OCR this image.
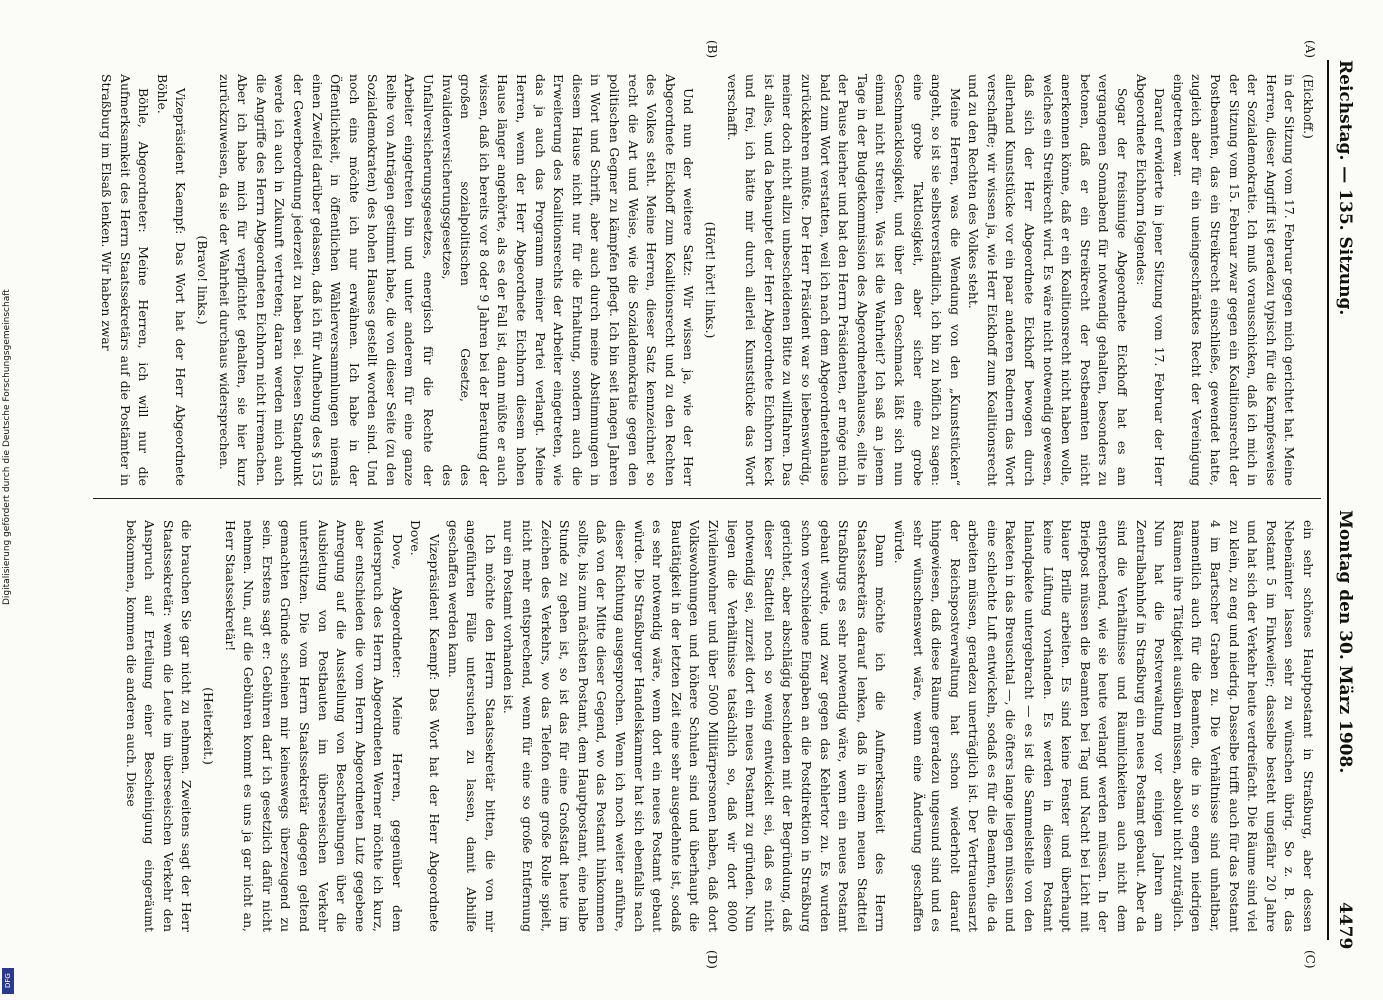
Reichstag. — 135. Sitzung.
Montag den 30. März 1908.
4479
(A)
(B)
(C)
(D)

(Eickhoff.)

in der Sitzung vom 17. Februar gegen mich gerichtet hat. Meine Herren, dieser Angriff ist geradezu typisch für die Kampfesweise der Sozialdemokratie. Ich muß vorausschicken, daß ich mich in der Sitzung vom 15. Februar zwar gegen ein Koalitionsrecht der Postbeamten, das ein Streikrecht einschließe, gewendet hatte, zugleich aber für ein uneingeschränktes Recht der Vereinigung eingetreten war.

Darauf erwiderte in jener Sitzung vom 17. Februar der Herr Abgeordnete Eichhorn folgendes:

Sogar der freisinnige Abgeordnete Eickhoff hat es am vergangenen Sonnabend für notwendig gehalten, besonders zu betonen, daß er ein Streikrecht der Postbeamten nicht anerkennen könne, daß er ein Koalitionsrecht nicht haben wolle, welches ein Streikrecht wird. Es wäre nicht notwendig gewesen, daß sich der Herr Abgeordnete Eickhoff bewogen durch allerhand Kunststücke vor ein paar anderen Rednern das Wort verschaffte; wir wissen ja, wie Herr Eickhoff zum Koalitionsrecht und zu den Rechten des Volkes steht.

Meine Herren, was die Wendung von den „Kunststücken“ angeht, so ist sie selbstverständlich, ich bin zu höflich zu sagen: eine grobe Taktlosigkeit, aber sicher eine grobe Geschmacklosigkeit, und über den Geschmack läßt sich nun einmal nicht streiten. Was ist die Wahrheit? Ich saß an jenem Tage in der Budgetkommission des Abgeordnetenhauses, eilte in der Pause hierher und bat den Herrn Präsidenten, er möge mich bald zum Wort verstatten, weil ich nach dem Abgeordnetenhause zurückkehren müßte. Der Herr Präsident war so liebenswürdig, meiner doch nicht allzu unbescheidenen Bitte zu willfahren. Das ist alles, und da behauptet der Herr Abgeordnete Eichhorn keck und frei, ich hätte mir durch allerlei Kunststücke das Wort verschafft.

(Hört! hört! links.)

Und nun der weitere Satz: Wir wissen ja, wie der Herr Abgeordnete Eickhoff zum Koalitionsrecht und zu den Rechten des Volkes steht. Meine Herren, dieser Satz kennzeichnet so recht die Art und Weise, wie die Sozialdemokratie gegen den politischen Gegner zu kämpfen pflegt. Ich bin seit langen Jahren in Wort und Schrift, aber auch durch meine Abstimmungen in diesem Hause nicht nur für die Erhaltung, sondern auch die Erweiterung des Koalitionsrechts der Arbeiter eingetreten, wie das ja auch das Programm meiner Partei verlangt. Meine Herren, wenn der Herr Abgeordnete Eichhorn diesem hohen Hause länger angehörte, als es der Fall ist, dann müßte er auch wissen, daß ich bereits vor 8 oder 9 Jahren bei der Beratung der großen sozialpolitischen Gesetze, des Invalidenversicherungsgesetzes, des Unfallversicherungsgesetzes, energisch für die Rechte der Arbeiter eingetreten bin und unter anderem für eine ganze Reihe von Anträgen gestimmt habe, die von dieser Seite (zu den Sozialdemokraten) des hohen Hauses gestellt worden sind. Und noch eins möchte ich nur erwähnen. Ich habe in der Öffentlichkeit, in öffentlichen Wählerversammlungen niemals einen Zweifel darüber gelassen, daß ich für Aufhebung des § 153 der Gewerbeordnung jederzeit zu haben sei. Diesen Standpunkt werde ich auch in Zukunft vertreten; daran werden mich auch die Angriffe des Herrn Abgeordneten Eichhorn nicht irremachen. Aber ich habe mich für verpflichtet gehalten, sie hier kurz zurückzuweisen, da sie der Wahrheit durchaus widersprechen.

(Bravo! links.)

Vizepräsident Kaempf: Das Wort hat der Herr Abgeordnete Böhle.

Böhle, Abgeordneter: Meine Herren, ich will nur die Aufmerksamkeit des Herrn Staatssekretärs auf die Postämter in Straßburg im Elsaß lenken. Wir haben zwar

ein sehr schönes Hauptpostamt in Straßburg, aber dessen Nebenämter lassen sehr zu wünschen übrig. So z. B. das Postamt 5 im Finkweiler; dasselbe besteht ungefähr 20 Jahre und hat sich der Verkehr heute verdreifacht. Die Räume sind viel zu klein, zu eng und niedrig. Dasselbe trifft auch für das Postamt 4 im Bartscher Graben zu. Die Verhältnisse sind unhaltbar, namentlich auch für die Beamten, die in so engen niedrigen Räumen ihre Tätigkeit ausüben müssen, absolut nicht zuträglich. Nun hat die Postverwaltung vor einigen Jahren am Zentralbahnhof in Straßburg ein neues Postamt gebaut. Aber da sind die Verhältnisse und Räumlichkeiten auch nicht dem entsprechend, wie sie heute verlangt werden müssen. In der Briefpost müssen die Beamten bei Tag und Nacht bei Licht mit blauer Brille arbeiten. Es sind keine Fenster und überhaupt keine Lüftung vorhanden. Es werden in diesem Postamt Inlandpakete untergebracht — es ist die Sammelstelle von den Paketen in das Breuschtal —, die öfters lange liegen müssen und eine schlechte Luft entwickeln, sodaß es für die Beamten, die da arbeiten müssen, geradezu unerträglich ist. Der Vertrauensarzt der Reichspostverwaltung hat schon wiederholt darauf hingewiesen, daß diese Räume geradezu ungesund sind und es sehr wünschenswert wäre, wenn eine Änderung geschaffen würde.

Dann möchte ich die Aufmerksamkeit des Herrn Staatssekretärs darauf lenken, daß in einem neuen Stadtteil Straßburgs es sehr notwendig wäre, wenn ein neues Postamt gebaut würde, und zwar gegen das Kehlertor zu. Es wurden schon verschiedene Eingaben an die Postdirektion in Straßburg gerichtet, aber abschlägig beschieden mit der Begründung, daß dieser Stadtteil noch so wenig entwickelt sei, daß es nicht notwendig sei, zurzeit dort ein neues Postamt zu gründen. Nun liegen die Verhältnisse tatsächlich so, daß wir dort 8000 Zivileinwohner und über 5000 Militärpersonen haben, daß dort Volkswohnungen und höhere Schulen sind und überhaupt die Bautätigkeit in der letzten Zeit eine sehr ausgedehnte ist, sodaß es sehr notwendig wäre, wenn dort ein neues Postamt gebaut würde. Die Straßburger Handelskammer hat sich ebenfalls nach dieser Richtung ausgesprochen. Wenn ich noch weiter anführe, daß von der Mitte dieser Gegend, wo das Postamt hinkommen sollte, bis zum nächsten Postamt, dem Hauptpostamt, eine halbe Stunde zu gehen ist, so ist das für eine Großstadt heute im Zeichen des Verkehrs, wo das Telefon eine große Rolle spielt, nicht mehr entsprechend, wenn für eine so große Entfernung nur ein Postamt vorhanden ist.

Ich möchte den Herrn Staatssekretär bitten, die von mir angeführten Fälle untersuchen zu lassen, damit Abhilfe geschaffen werden kann.

Vizepräsident Kaempf: Das Wort hat der Herr Abgeordnete Dove.

Dove, Abgeordneter: Meine Herren, gegenüber dem Widerspruch des Herrn Abgeordneten Werner möchte ich kurz, aber entschieden die vom Herrn Abgeordneten Lutz gegebene Anregung auf die Ausstellung von Beschreibungen über die Ausbietung von Postbauten im überseeischen Verkehr unterstützen. Die vom Herrn Staatssekretär dagegen geltend gemachten Gründe scheinen mir keineswegs überzeugend zu sein. Erstens sagt er: Gebühren darf ich gesetzlich dafür nicht nehmen. Nun, auf die Gebühren kommt es uns ja gar nicht an, Herr Staatssekretär!

(Heiterkeit.)

die brauchen Sie gar nicht zu nehmen. Zweitens sagt der Herr Staatssekretär: wenn die Leute im überseeischen Verkehr den Anspruch auf Erteilung einer Bescheinigung eingeräumt bekommen, kommen die anderen auch. Diese

Digitalisierung gefördert durch die Deutsche Forschungsgemeinschaft
DFG
